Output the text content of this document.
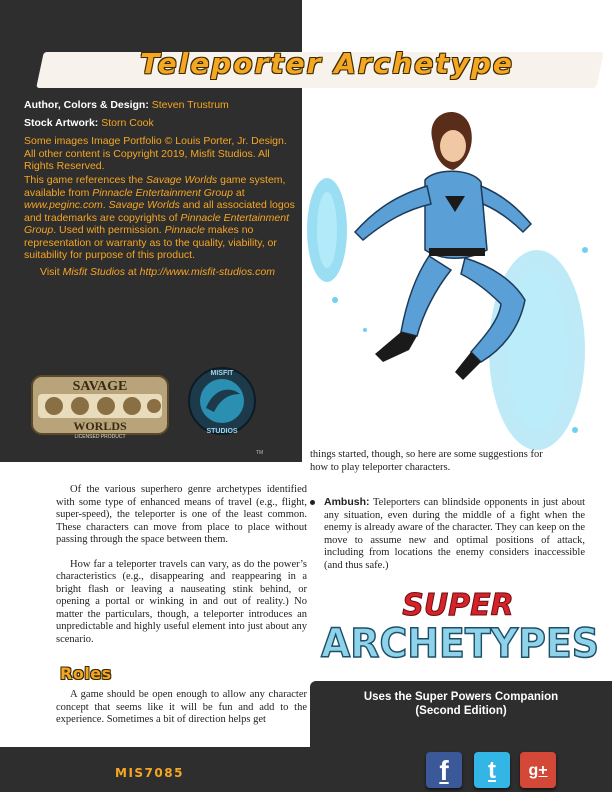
Teleporter Archetype
Author, Colors & Design: Steven Trustrum
Stock Artwork: Storn Cook
Some images Image Portfolio © Louis Porter, Jr. Design. All other content is Copyright 2019, Misfit Studios. All Rights Reserved.
This game references the Savage Worlds game system, available from Pinnacle Entertainment Group at www.peginc.com. Savage Worlds and all associated logos and trademarks are copyrights of Pinnacle Entertainment Group. Used with permission. Pinnacle makes no representation or warranty as to the quality, viability, or suitability for purpose of this product.
Visit Misfit Studios at http://www.misfit-studios.com
SAVAGE
WORLDS
LICENSED PRODUCT
MISFIT
STUDIOS
TM

Of the various superhero genre archetypes identified with some type of enhanced means of travel (e.g., flight, super-speed), the teleporter is one of the least common. These characters can move from place to place without passing through the space between them.

How far a teleporter travels can vary, as do the power’s characteristics (e.g., disappearing and reappearing in a bright flash or leaving a nauseating stink behind, or opening a portal or winking in and out of reality.) No matter the particulars, though, a teleporter introduces an unpredictable and highly useful element into just about any scenario.

Roles

A game should be open enough to allow any character concept that seems like it will be fun and add to the experience. Sometimes a bit of direction helps get

things started, though, so here are some suggestions for how to play teleporter characters.
Ambush: Teleporters can blindside opponents in just about any situation, even during the middle of a fight when the enemy is already aware of the character. They can keep on the move to assume new and optimal positions of attack, including from locations the enemy considers inaccessible (and thus safe.)
SUPER
ARCHETYPES
Uses the Super Powers Companion
(Second Edition)
MIS7085	f	t	g+
